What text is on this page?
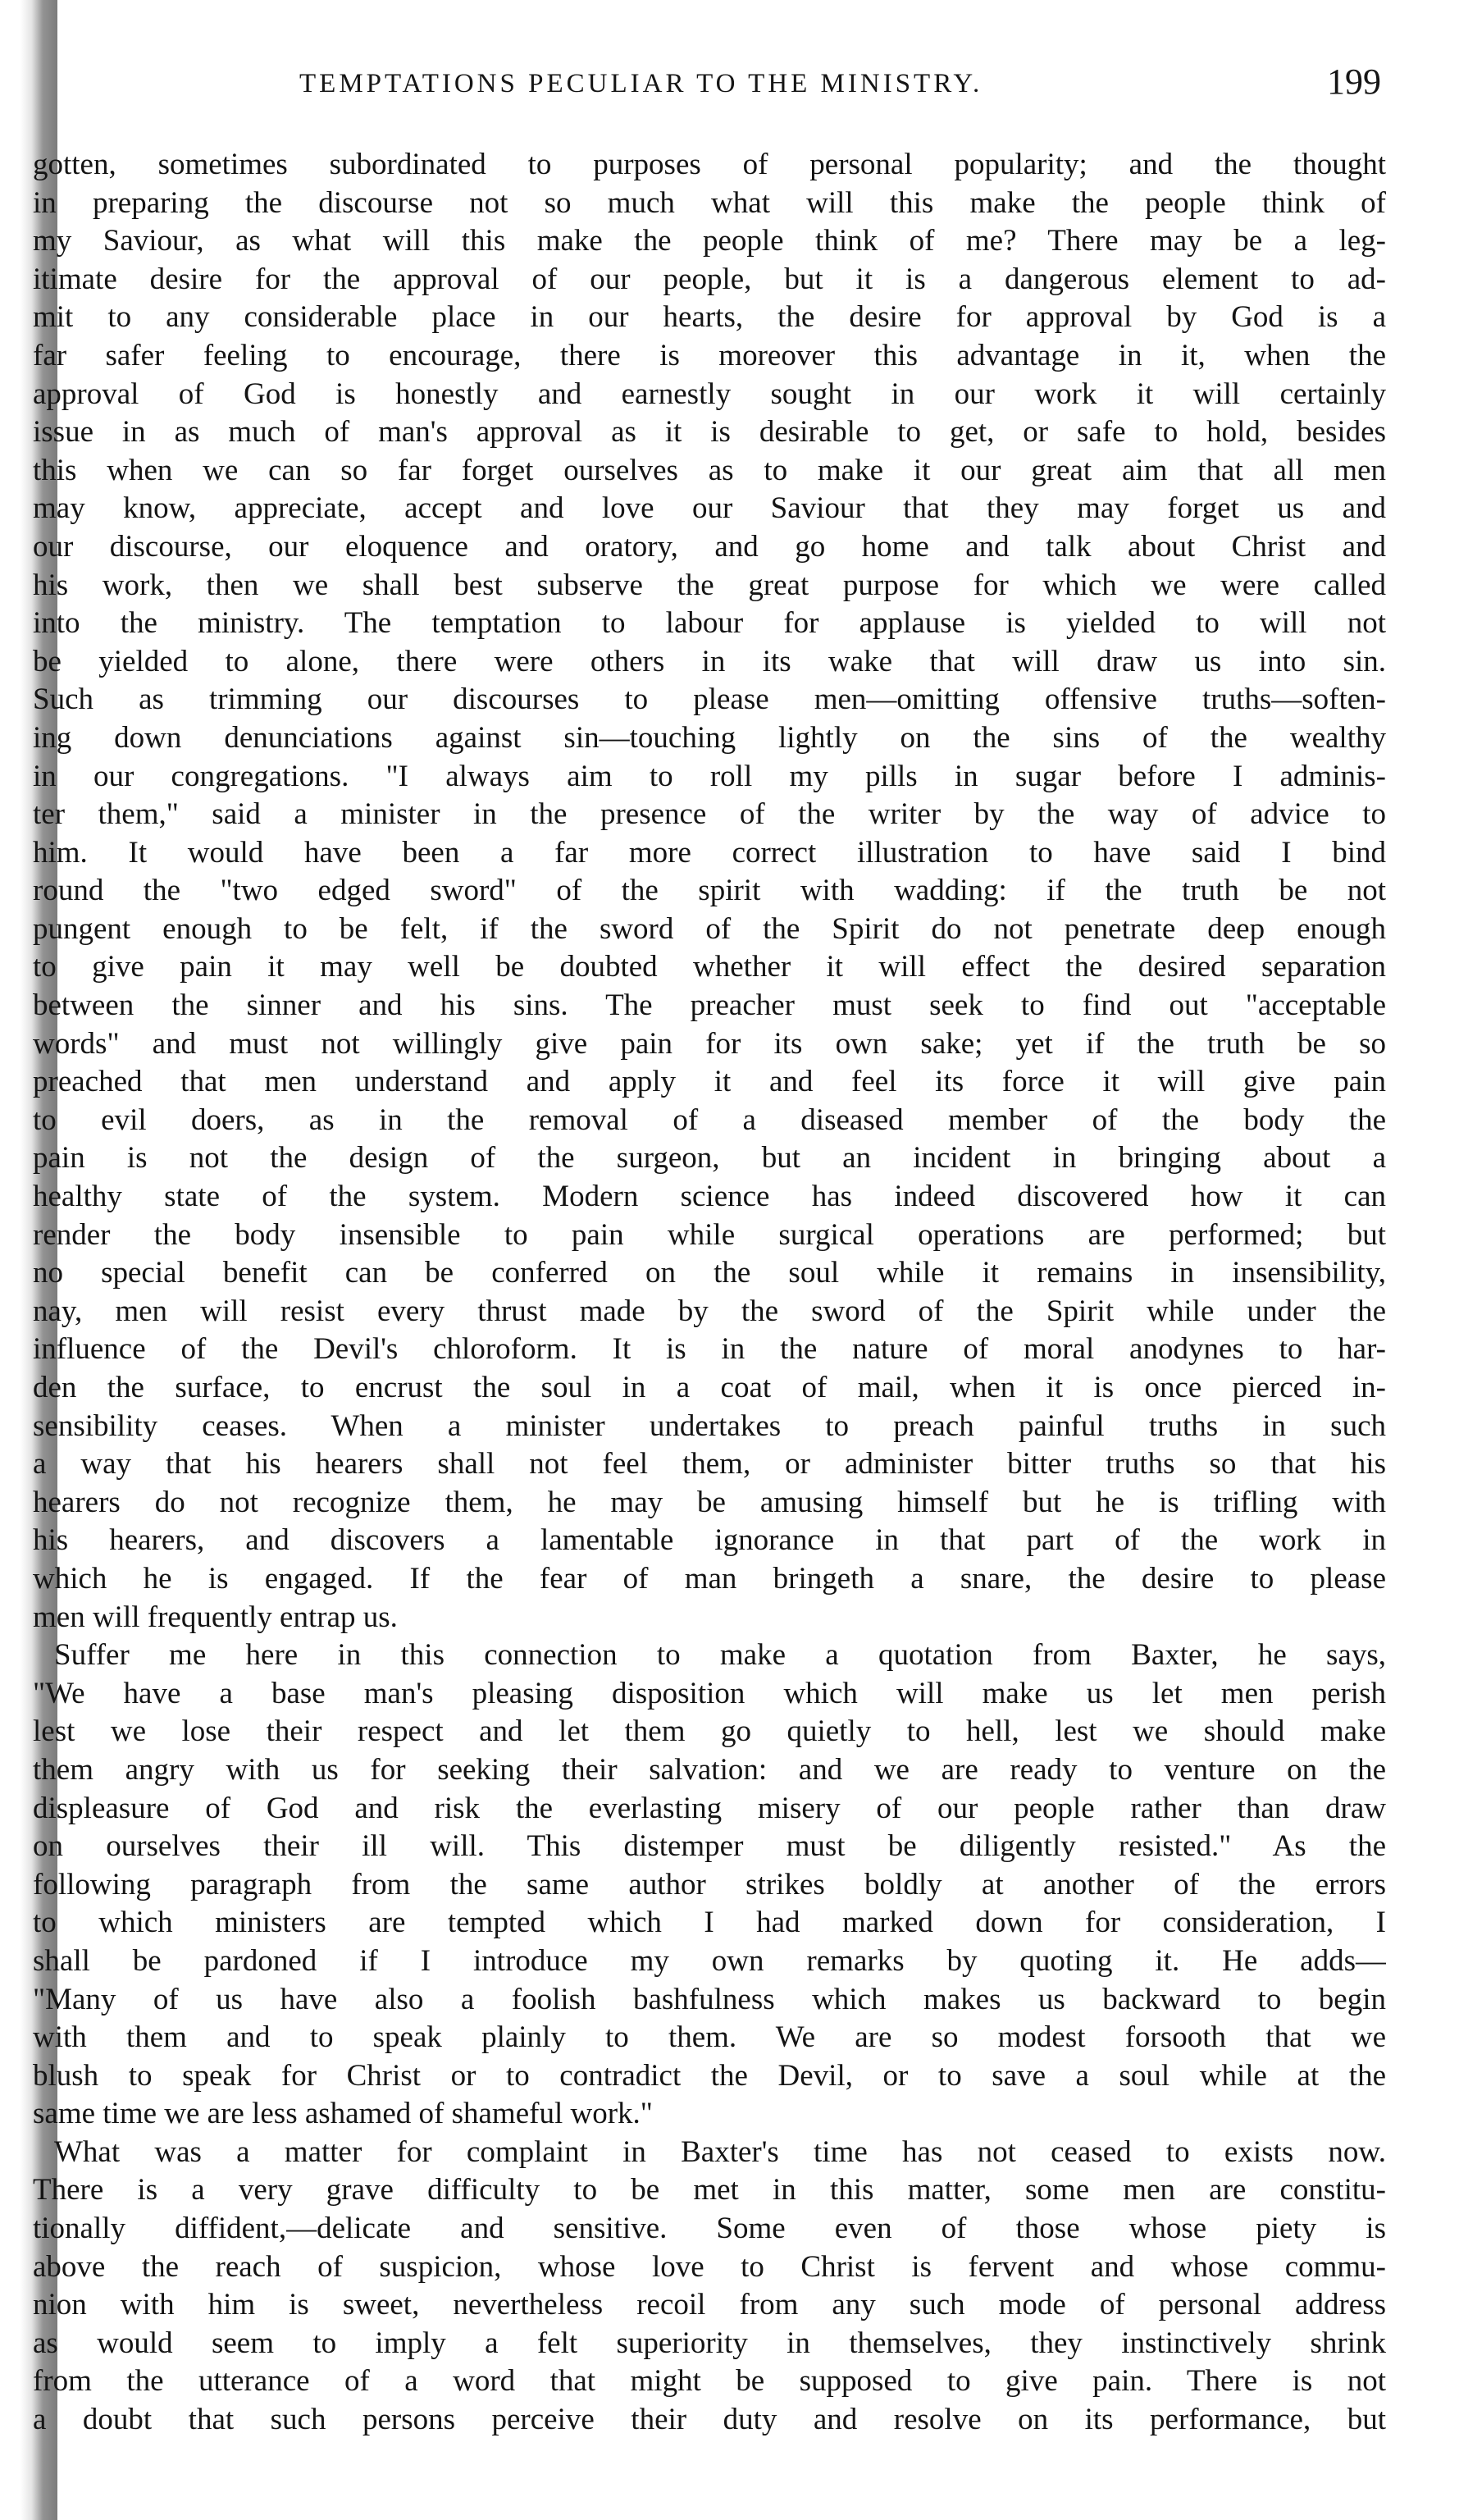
TEMPTATIONS PECULIAR TO THE MINISTRY.	199
gotten, sometimes subordinated to purposes of personal popularity; and the thought
in preparing the discourse not so much what will this make the people think of
my Saviour, as what will this make the people think of me? There may be a leg-
itimate desire for the approval of our people, but it is a dangerous element to ad-
mit to any considerable place in our hearts, the desire for approval by God is a
far safer feeling to encourage, there is moreover this advantage in it, when the
approval of God is honestly and earnestly sought in our work it will certainly
issue in as much of man's approval as it is desirable to get, or safe to hold, besides
this when we can so far forget ourselves as to make it our great aim that all men
may know, appreciate, accept and love our Saviour that they may forget us and
our discourse, our eloquence and oratory, and go home and talk about Christ and
his work, then we shall best subserve the great purpose for which we were called
into the ministry. The temptation to labour for applause is yielded to will not
be yielded to alone, there were others in its wake that will draw us into sin.
Such as trimming our discourses to please men—omitting offensive truths—soften-
ing down denunciations against sin—touching lightly on the sins of the wealthy
in our congregations. "I always aim to roll my pills in sugar before I adminis-
ter them," said a minister in the presence of the writer by the way of advice to
him. It would have been a far more correct illustration to have said I bind
round the "two edged sword" of the spirit with wadding: if the truth be not
pungent enough to be felt, if the sword of the Spirit do not penetrate deep enough
to give pain it may well be doubted whether it will effect the desired separation
between the sinner and his sins. The preacher must seek to find out "acceptable
words" and must not willingly give pain for its own sake; yet if the truth be so
preached that men understand and apply it and feel its force it will give pain
to evil doers, as in the removal of a diseased member of the body the
pain is not the design of the surgeon, but an incident in bringing about a
healthy state of the system. Modern science has indeed discovered how it can
render the body insensible to pain while surgical operations are performed; but
no special benefit can be conferred on the soul while it remains in insensibility,
nay, men will resist every thrust made by the sword of the Spirit while under the
influence of the Devil's chloroform. It is in the nature of moral anodynes to har-
den the surface, to encrust the soul in a coat of mail, when it is once pierced in-
sensibility ceases. When a minister undertakes to preach painful truths in such
a way that his hearers shall not feel them, or administer bitter truths so that his
hearers do not recognize them, he may be amusing himself but he is trifling with
his hearers, and discovers a lamentable ignorance in that part of the work in
which he is engaged. If the fear of man bringeth a snare, the desire to please
men will frequently entrap us.
Suffer me here in this connection to make a quotation from Baxter, he says,
"We have a base man's pleasing disposition which will make us let men perish
lest we lose their respect and let them go quietly to hell, lest we should make
them angry with us for seeking their salvation: and we are ready to venture on the
displeasure of God and risk the everlasting misery of our people rather than draw
on ourselves their ill will. This distemper must be diligently resisted." As the
following paragraph from the same author strikes boldly at another of the errors
to which ministers are tempted which I had marked down for consideration, I
shall be pardoned if I introduce my own remarks by quoting it. He adds—
"Many of us have also a foolish bashfulness which makes us backward to begin
with them and to speak plainly to them. We are so modest forsooth that we
blush to speak for Christ or to contradict the Devil, or to save a soul while at the
same time we are less ashamed of shameful work."
What was a matter for complaint in Baxter's time has not ceased to exists now.
There is a very grave difficulty to be met in this matter, some men are constitu-
tionally diffident,—delicate and sensitive. Some even of those whose piety is
above the reach of suspicion, whose love to Christ is fervent and whose commu-
nion with him is sweet, nevertheless recoil from any such mode of personal address
as would seem to imply a felt superiority in themselves, they instinctively shrink
from the utterance of a word that might be supposed to give pain. There is not
a doubt that such persons perceive their duty and resolve on its performance, but
